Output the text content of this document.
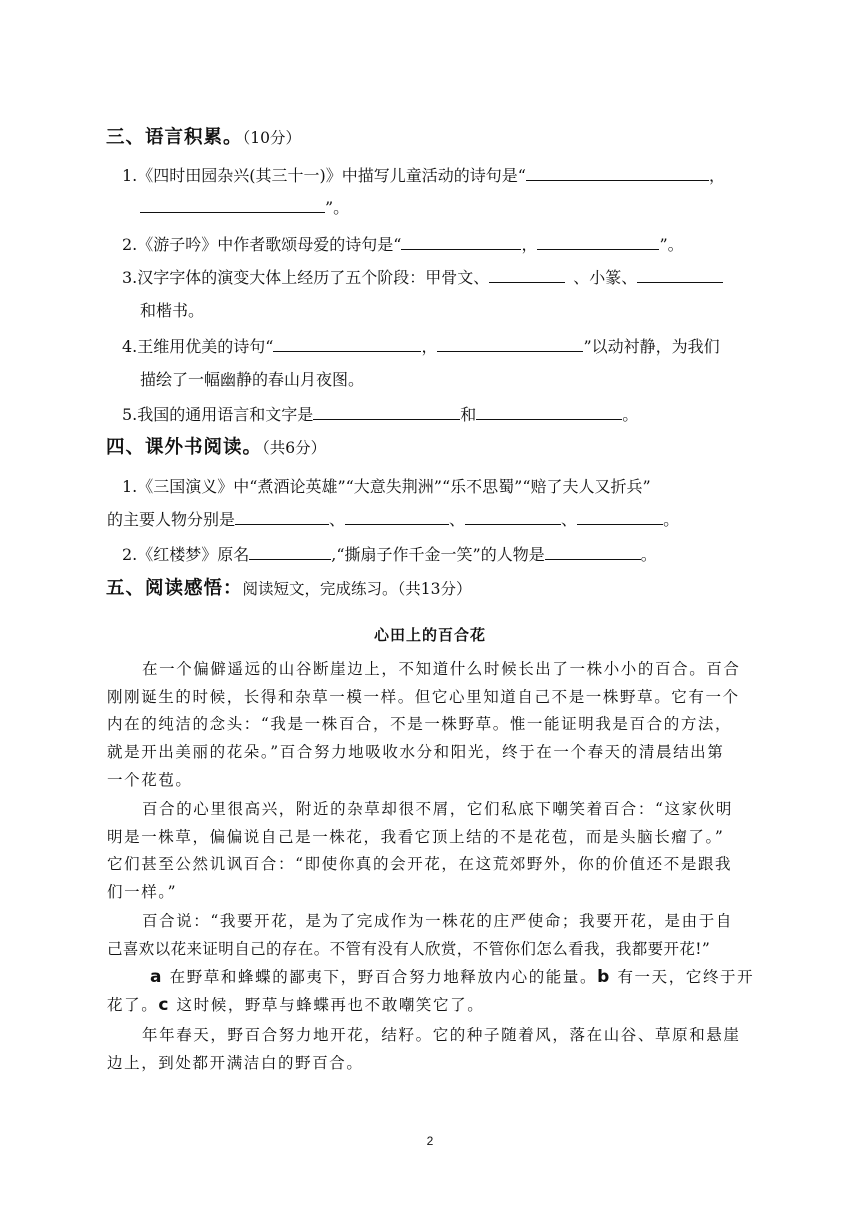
三、语言积累。（10分）
1.《四时田园杂兴(其三十一)》中描写儿童活动的诗句是“	，
”。
2.《游子吟》中作者歌颂母爱的诗句是“	，	”。
3.汉字字体的演变大体上经历了五个阶段：甲骨文、	、小篆、
和楷书。
4.王维用优美的诗句“	，	”以动衬静，为我们
描绘了一幅幽静的春山月夜图。
5.我国的通用语言和文字是	和	。
四、课外书阅读。（共6分）
1.《三国演义》中“煮酒论英雄”“大意失荆洲”“乐不思蜀”“赔了夫人又折兵”
的主要人物分别是	、	、	、	。
2.《红楼梦》原名	,“撕扇子作千金一笑”的人物是	。
五、阅读感悟：阅读短文，完成练习。（共13分）
心田上的百合花
在一个偏僻遥远的山谷断崖边上，不知道什么时候长出了一株小小的百合。百合
刚刚诞生的时候，长得和杂草一模一样。但它心里知道自己不是一株野草。它有一个
内在的纯洁的念头：“我是一株百合，不是一株野草。惟一能证明我是百合的方法，
就是开出美丽的花朵。”百合努力地吸收水分和阳光，终于在一个春天的清晨结出第
一个花苞。
百合的心里很高兴，附近的杂草却很不屑，它们私底下嘲笑着百合：“这家伙明
明是一株草，偏偏说自己是一株花，我看它顶上结的不是花苞，而是头脑长瘤了。”
它们甚至公然讥讽百合：“即使你真的会开花，在这荒郊野外，你的价值还不是跟我
们一样。”
百合说：“我要开花，是为了完成作为一株花的庄严使命；我要开花，是由于自
己喜欢以花来证明自己的存在。不管有没有人欣赏，不管你们怎么看我，我都要开花!”
a 在野草和蜂蝶的鄙夷下，野百合努力地释放内心的能量。b 有一天，它终于开
花了。c 这时候，野草与蜂蝶再也不敢嘲笑它了。
年年春天，野百合努力地开花，结籽。它的种子随着风，落在山谷、草原和悬崖
边上，到处都开满洁白的野百合。
2
